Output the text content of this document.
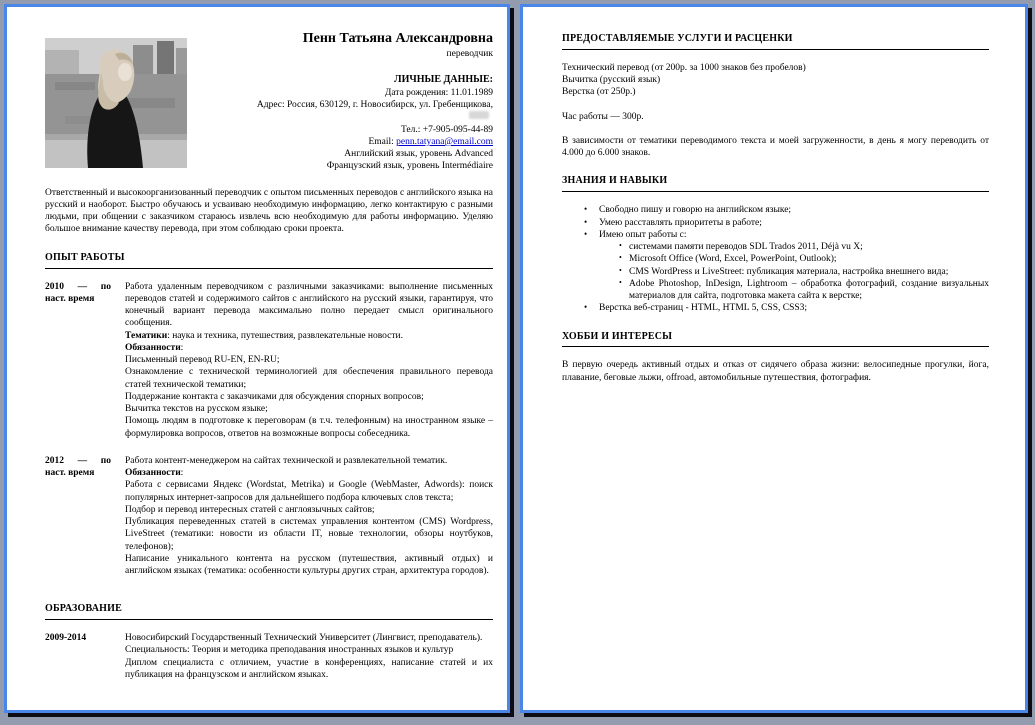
Пенн Татьяна Александровна
переводчик
ЛИЧНЫЕ ДАННЫЕ:
Дата рождения: 11.01.1989
Адрес: Россия, 630129, г. Новосибирск, ул. Гребенщикова,
Тел.: +7-905-095-44-89
Email: penn.tatyana@email.com
Английский язык, уровень Advanced
Французский язык, уровень Intermédiaire

Ответственный и высокоорганизованный переводчик с опытом письменных переводов с английского языка на русский и наоборот. Быстро обучаюсь и усваиваю необходимую информацию, легко контактирую с разными людьми, при общении с заказчиком стараюсь извлечь всю необходимую для работы информацию. Уделяю большое внимание качеству перевода, при этом соблюдаю сроки проекта.

ОПЫТ РАБОТЫ
2010 — по наст. время
Работа удаленным переводчиком с различными заказчиками: выполнение письменных переводов статей и содержимого сайтов с английского на русский языки, гарантируя, что конечный вариант перевода максимально полно передает смысл оригинального сообщения.
Тематики: наука и техника, путешествия, развлекательные новости.
Обязанности:
Письменный перевод RU-EN, EN-RU;
Ознакомление с технической терминологией для обеспечения правильного перевода статей технической тематики;
Поддержание контакта с заказчиками для обсуждения спорных вопросов;
Вычитка текстов на русском языке;
Помощь людям в подготовке к переговорам (в т.ч. телефонным) на иностранном языке – формулировка вопросов, ответов на возможные вопросы собеседника.
2012 — по наст. время
Работа контент-менеджером на сайтах технической и развлекательной тематик.
Обязанности:
Работа с сервисами Яндекс (Wordstat, Metrika) и Google (WebMaster, Adwords): поиск популярных интернет-запросов для дальнейшего подбора ключевых слов текста;
Подбор и перевод интересных статей с англоязычных сайтов;
Публикация переведенных статей в системах управления контентом (CMS) Wordpress, LiveStreet (тематики: новости из области IT, новые технологии, обзоры ноутбуков, телефонов);
Написание уникального контента на русском (путешествия, активный отдых) и английском языках (тематика: особенности культуры других стран, архитектура городов).
ОБРАЗОВАНИЕ
2009-2014	Новосибирский Государственный Технический Университет (Лингвист, преподаватель).
Специальность: Теория и методика преподавания иностранных языков и культур
Диплом специалиста с отличием, участие в конференциях, написание статей и их публикация на французском и английском языках.
ПРЕДОСТАВЛЯЕМЫЕ УСЛУГИ И РАСЦЕНКИ
Технический перевод (от 200р. за 1000 знаков без пробелов)
Вычитка (русский язык)
Верстка (от 250р.)
Час работы — 300р.
В зависимости от тематики переводимого текста и моей загруженности, в день я могу переводить от 4.000 до 6.000 знаков.
ЗНАНИЯ И НАВЫКИ
•	Свободно пишу и говорю на английском языке;
•	Умею расставлять приоритеты в работе;
•	Имею опыт работы с:
• системами памяти переводов SDL Trados 2011, Déjà vu X;
• Microsoft Office (Word, Excel, PowerPoint, Outlook);
• CMS WordPress и LiveStreet: публикация материала, настройка внешнего вида;
• Adobe Photoshop, InDesign, Lightroom – обработка фотографий, создание визуальных материалов для сайта, подготовка макета сайта к верстке;
•	Верстка веб-страниц - HTML, HTML 5, CSS, CSS3;
ХОББИ И ИНТЕРЕСЫ
В первую очередь активный отдых и отказ от сидячего образа жизни: велосипедные прогулки, йога, плавание, беговые лыжи, offroad, автомобильные путешествия, фотография.
